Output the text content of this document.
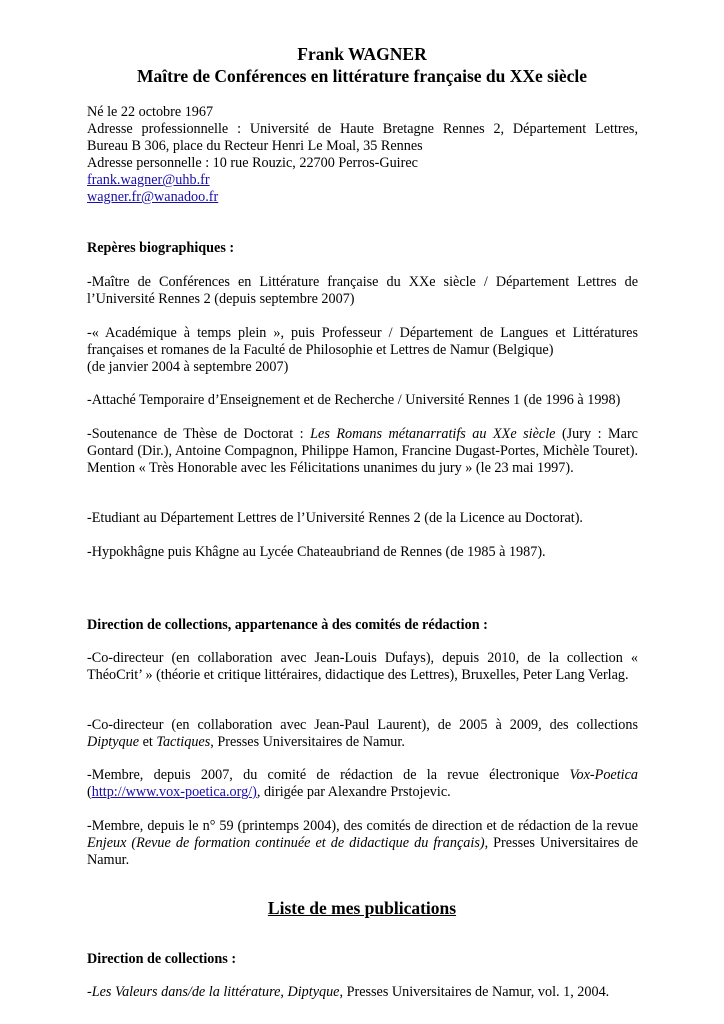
Frank WAGNER
Maître de Conférences en littérature française du XXe siècle
Né le 22 octobre 1967
Adresse professionnelle : Université de Haute Bretagne Rennes 2, Département Lettres,
Bureau B 306, place du Recteur Henri Le Moal, 35 Rennes
Adresse personnelle : 10 rue Rouzic, 22700 Perros-Guirec
frank.wagner@uhb.fr
wagner.fr@wanadoo.fr

Repères biographiques :

-Maître de Conférences en Littérature française du XXe siècle / Département Lettres de l’Université Rennes 2 (depuis septembre 2007)

-« Académique à temps plein », puis Professeur / Département de Langues et Littératures françaises et romanes de la Faculté de Philosophie et Lettres de Namur (Belgique)
(de janvier 2004 à septembre 2007)

-Attaché Temporaire d’Enseignement et de Recherche / Université Rennes 1 (de 1996 à 1998)

-Soutenance de Thèse de Doctorat : Les Romans métanarratifs au XXe siècle (Jury : Marc Gontard (Dir.), Antoine Compagnon, Philippe Hamon, Francine Dugast-Portes, Michèle Touret). Mention « Très Honorable avec les Félicitations unanimes du jury » (le 23 mai 1997).

-Etudiant au Département Lettres de l’Université Rennes 2 (de la Licence au Doctorat).

-Hypokhâgne puis Khâgne au Lycée Chateaubriand de Rennes (de 1985 à 1987).

Direction de collections, appartenance à des comités de rédaction :

-Co-directeur (en collaboration avec Jean-Louis Dufays), depuis 2010, de la collection « ThéoCrit’ » (théorie et critique littéraires, didactique des Lettres), Bruxelles, Peter Lang Verlag.

-Co-directeur (en collaboration avec Jean-Paul Laurent), de 2005 à 2009, des collections Diptyque et Tactiques, Presses Universitaires de Namur.

-Membre, depuis 2007, du comité de rédaction de la revue électronique Vox-Poetica (http://www.vox-poetica.org/), dirigée par Alexandre Prstojevic.

-Membre, depuis le n° 59 (printemps 2004), des comités de direction et de rédaction de la revue Enjeux (Revue de formation continuée et de didactique du français), Presses Universitaires de Namur.

Liste de mes publications

Direction de collections :

-Les Valeurs dans/de la littérature, Diptyque, Presses Universitaires de Namur, vol. 1, 2004.
